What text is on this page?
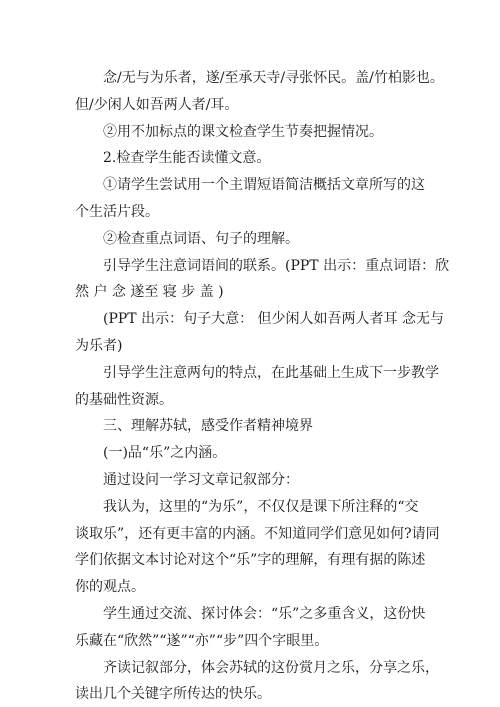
念/无与为乐者，遂/至承天寺/寻张怀民。盖/竹柏影也。
但/少闲人如吾两人者/耳。
②用不加标点的课文检查学生节奏把握情况。
2.检查学生能否读懂文意。
①请学生尝试用一个主谓短语简洁概括文章所写的这
个生活片段。
②检查重点词语、句子的理解。
引导学生注意词语间的联系。(PPT 出示：重点词语：欣
然 户 念 遂至 寝 步 盖 )
(PPT 出示：句子大意： 但少闲人如吾两人者耳 念无与
为乐者)
引导学生注意两句的特点，在此基础上生成下一步教学
的基础性资源。
三、理解苏轼，感受作者精神境界
(一)品“乐”之内涵。
通过设问一学习文章记叙部分：
我认为，这里的“为乐”，不仅仅是课下所注释的“交
谈取乐”，还有更丰富的内涵。不知道同学们意见如何?请同
学们依据文本讨论对这个“乐”字的理解，有理有据的陈述
你的观点。
学生通过交流、探讨体会：“乐”之多重含义，这份快
乐藏在“欣然”“遂”“亦”“步”四个字眼里。
齐读记叙部分，体会苏轼的这份赏月之乐，分享之乐，
读出几个关键字所传达的快乐。
